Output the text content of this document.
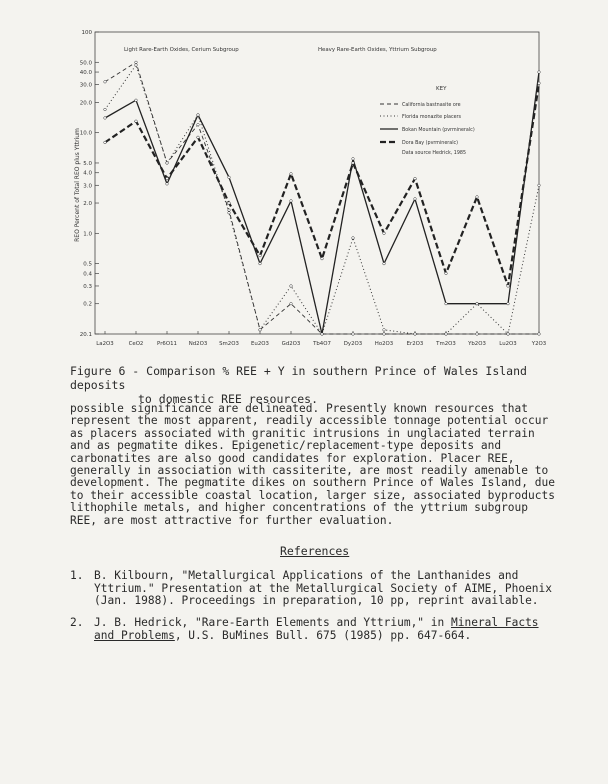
100
50.0
40.0
30.0
20.0
10.0
5.0
4.0
3.0
2.0
1.0
0.5
0.4
0.3
0.2
20.1
La2O3	CeO2	Pr6O11 Nd2O3 Sm2O3 Eu2O3 Gd2O3 Tb4O7 Dy2O3 Ho2O3 Er2O3 Tm2O3 Yb2O3 Lu2O3	Y2O3
REO Percent of Total REO plus Yttrium
Light Rare-Earth Oxides, Cerium Subgroup	Heavy Rare-Earth Oxides, Yttrium Subgroup
KEY
California bastnasite ore
Florida monazite placers
Bokan Mountain (pvrmineralc)
Dora Bay (pvrmineralc)
Data source Hedrick, 1985
Figure 6 - Comparison % REE + Y in southern Prince of Wales Island deposits
to domestic REE resources.
possible significance are delineated. Presently known resources that represent the most apparent, readily accessible tonnage potential occur as placers associated with granitic intrusions in unglaciated terrain and as pegmatite dikes. Epigenetic/replacement-type deposits and carbonatites are also good candidates for exploration. Placer REE, generally in association with cassiterite, are most readily amenable to development. The pegmatite dikes on southern Prince of Wales Island, due to their accessible coastal location, larger size, associated byproducts lithophile metals, and higher concentrations of the yttrium subgroup REE, are most attractive for further evaluation.
References
1. B. Kilbourn, "Metallurgical Applications of the Lanthanides and Yttrium." Presentation at the Metallurgical Society of AIME, Phoenix (Jan. 1988). Proceedings in preparation, 10 pp, reprint available.
2. J. B. Hedrick, "Rare-Earth Elements and Yttrium," in Mineral Facts and Problems, U.S. BuMines Bull. 675 (1985) pp. 647-664.
